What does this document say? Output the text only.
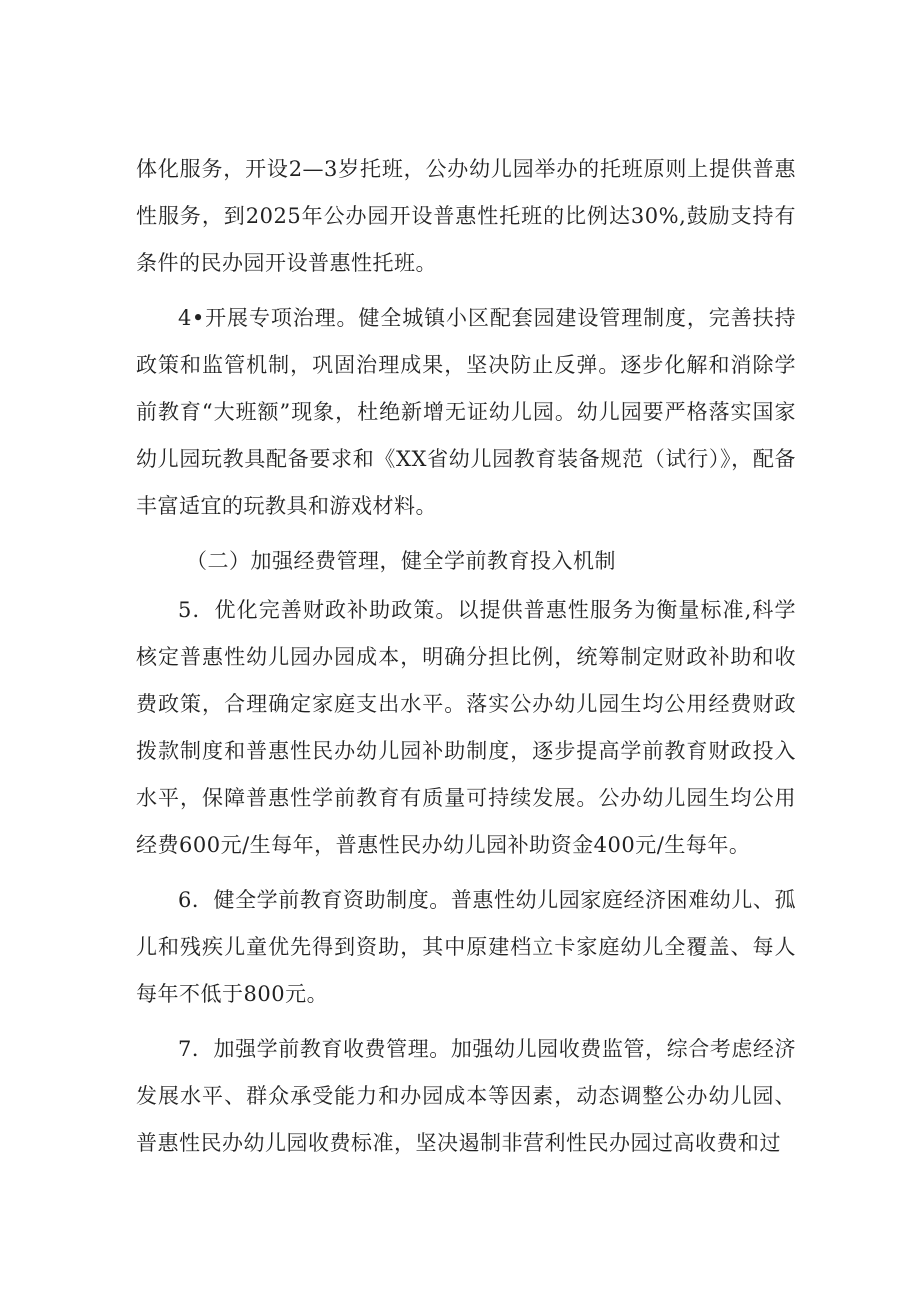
体化服务，开设2—3岁托班，公办幼儿园举办的托班原则上提供普惠性服务，到2025年公办园开设普惠性托班的比例达30%,鼓励支持有条件的民办园开设普惠性托班。

4•开展专项治理。健全城镇小区配套园建设管理制度，完善扶持政策和监管机制，巩固治理成果，坚决防止反弹。逐步化解和消除学前教育“大班额”现象，杜绝新增无证幼儿园。幼儿园要严格落实国家幼儿园玩教具配备要求和《XX省幼儿园教育装备规范（试行）》，配备丰富适宜的玩教具和游戏材料。

（二）加强经费管理，健全学前教育投入机制

5．优化完善财政补助政策。以提供普惠性服务为衡量标准,科学核定普惠性幼儿园办园成本，明确分担比例，统筹制定财政补助和收费政策，合理确定家庭支出水平。落实公办幼儿园生均公用经费财政拨款制度和普惠性民办幼儿园补助制度，逐步提高学前教育财政投入水平，保障普惠性学前教育有质量可持续发展。公办幼儿园生均公用经费600元/生每年，普惠性民办幼儿园补助资金400元/生每年。

6．健全学前教育资助制度。普惠性幼儿园家庭经济困难幼儿、孤儿和残疾儿童优先得到资助，其中原建档立卡家庭幼儿全覆盖、每人每年不低于800元。

7．加强学前教育收费管理。加强幼儿园收费监管，综合考虑经济发展水平、群众承受能力和办园成本等因素，动态调整公办幼儿园、普惠性民办幼儿园收费标准，坚决遏制非营利性民办园过高收费和过
